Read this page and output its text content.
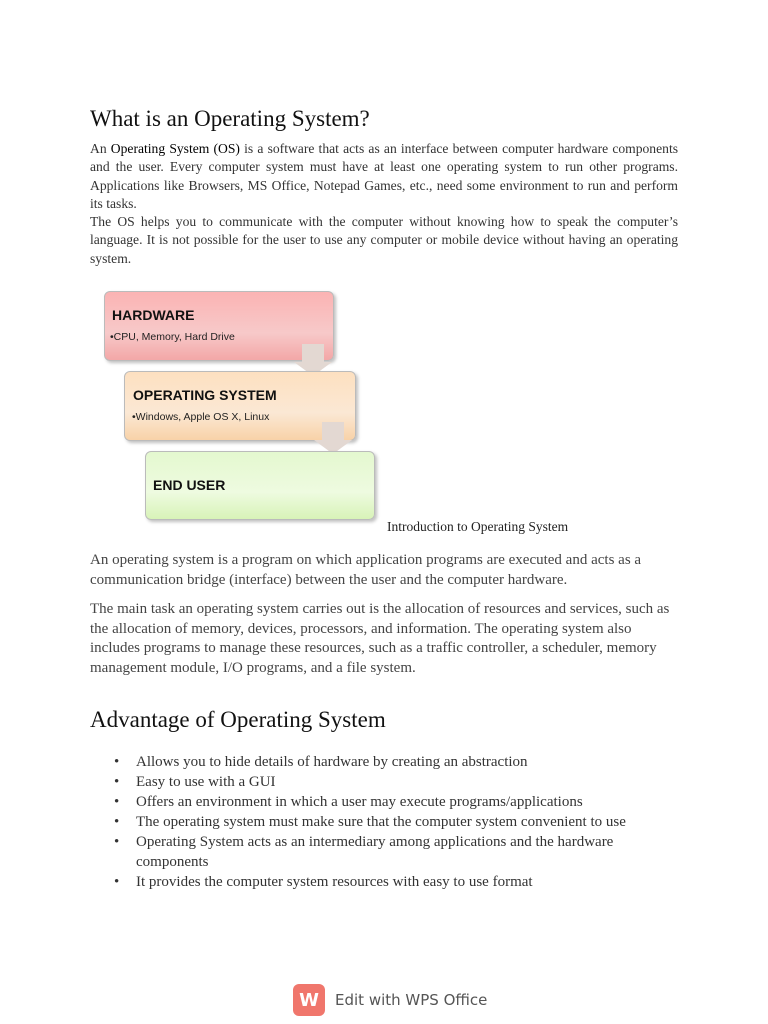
What is an Operating System?
An Operating System (OS) is a software that acts as an interface between computer hardware components and the user. Every computer system must have at least one operating system to run other programs. Applications like Browsers, MS Office, Notepad Games, etc., need some environment to run and perform its tasks.
The OS helps you to communicate with the computer without knowing how to speak the computer’s language. It is not possible for the user to use any computer or mobile device without having an operating system.
HARDWARE
•CPU, Memory, Hard Drive
OPERATING SYSTEM
•Windows, Apple OS X, Linux
END USER
Introduction to Operating System

An operating system is a program on which application programs are executed and acts as a communication bridge (interface) between the user and the computer hardware.

The main task an operating system carries out is the allocation of resources and services, such as the allocation of memory, devices, processors, and information. The operating system also includes programs to manage these resources, such as a traffic controller, a scheduler, memory management module, I/O programs, and a file system.

Advantage of Operating System
• Allows you to hide details of hardware by creating an abstraction
• Easy to use with a GUI
• Offers an environment in which a user may execute programs/applications
• The operating system must make sure that the computer system convenient to use
• Operating System acts as an intermediary among applications and the hardware components
• It provides the computer system resources with easy to use format
W	Edit with WPS Office
